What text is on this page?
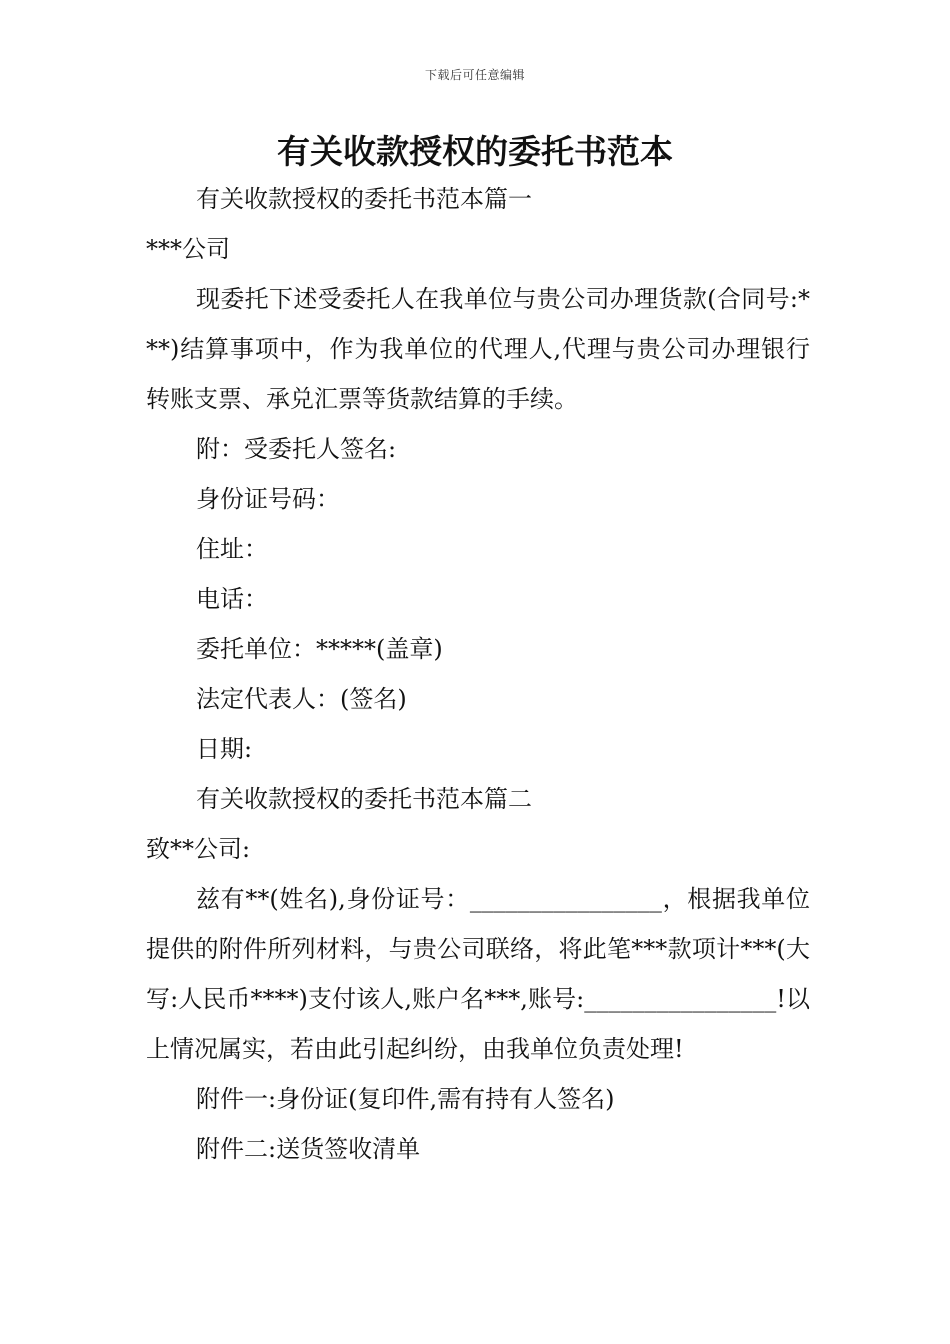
下载后可任意编辑
有关收款授权的委托书范本
有关收款授权的委托书范本篇一
***公司

现委托下述受委托人在我单位与贵公司办理货款(合同号:***)结算事项中，作为我单位的代理人,代理与贵公司办理银行转账支票、承兑汇票等货款结算的手续。

附：受委托人签名:
身份证号码：
住址：
电话：
委托单位：*****(盖章)
法定代表人：(签名)
日期:
有关收款授权的委托书范本篇二
致**公司:

兹有**(姓名),身份证号：________________，根据我单位提供的附件所列材料，与贵公司联络，将此笔***款项计***(大写:人民币****)支付该人,账户名***,账号:________________!以上情况属实，若由此引起纠纷，由我单位负责处理!

附件一:身份证(复印件,需有持有人签名)
附件二:送货签收清单
